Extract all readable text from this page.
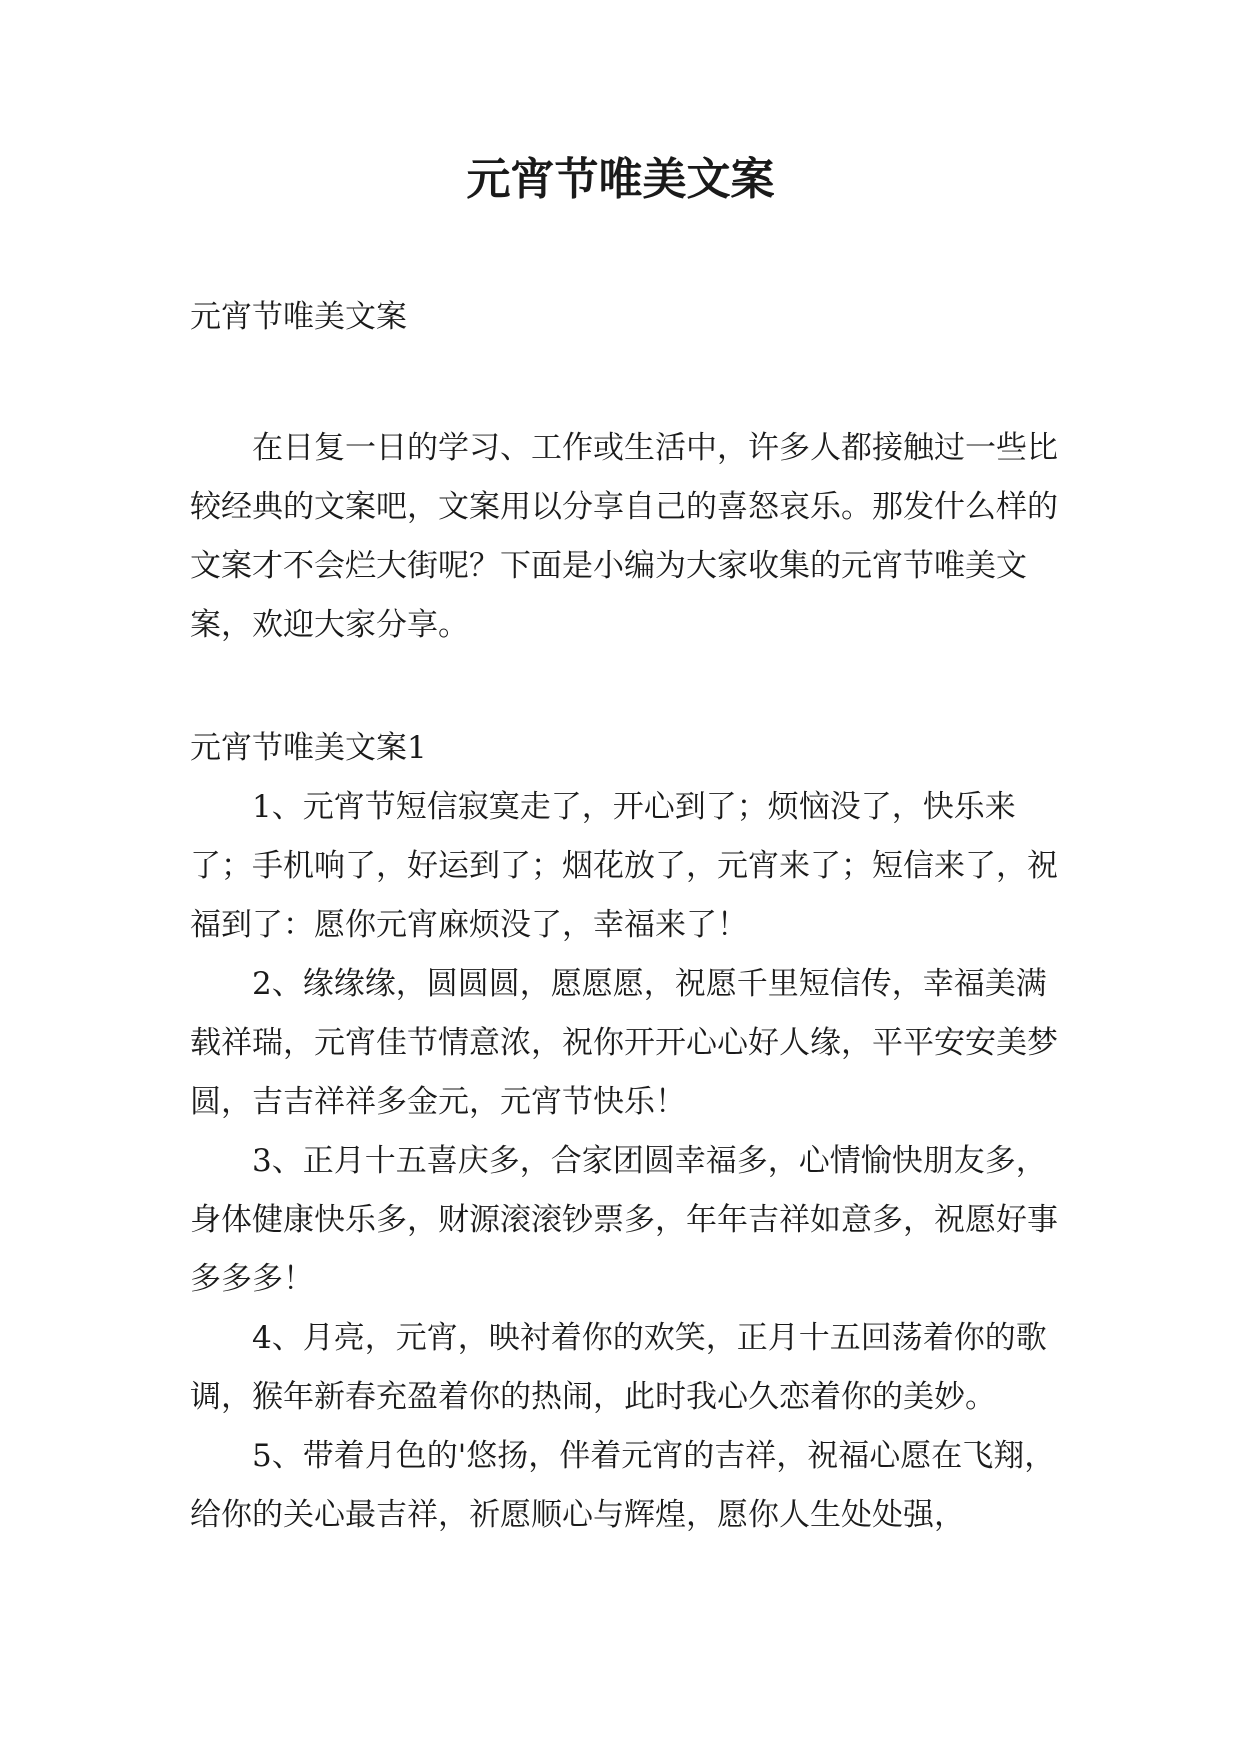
元宵节唯美文案

元宵节唯美文案

在日复一日的学习、工作或生活中，许多人都接触过一些比较经典的文案吧，文案用以分享自己的喜怒哀乐。那发什么样的文案才不会烂大街呢？下面是小编为大家收集的元宵节唯美文案，欢迎大家分享。

元宵节唯美文案1

1、元宵节短信寂寞走了，开心到了；烦恼没了，快乐来了；手机响了，好运到了；烟花放了，元宵来了；短信来了，祝福到了：愿你元宵麻烦没了，幸福来了！

2、缘缘缘，圆圆圆，愿愿愿，祝愿千里短信传，幸福美满载祥瑞，元宵佳节情意浓，祝你开开心心好人缘，平平安安美梦圆，吉吉祥祥多金元，元宵节快乐！

3、正月十五喜庆多，合家团圆幸福多，心情愉快朋友多，身体健康快乐多，财源滚滚钞票多，年年吉祥如意多，祝愿好事多多多！

4、月亮，元宵，映衬着你的欢笑，正月十五回荡着你的歌调，猴年新春充盈着你的热闹，此时我心久恋着你的美妙。

5、带着月色的'悠扬，伴着元宵的吉祥，祝福心愿在飞翔，给你的关心最吉祥，祈愿顺心与辉煌，愿你人生处处强，
